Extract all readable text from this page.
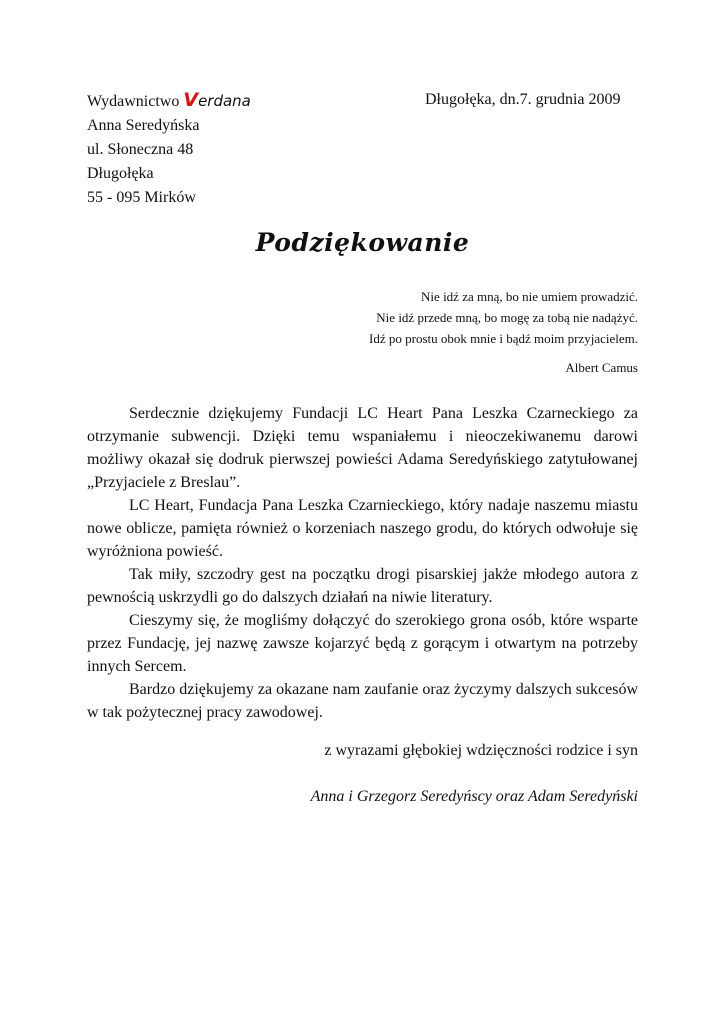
Wydawnictwo Verdana
Anna Seredyńska
ul. Słoneczna 48
Długołęka
55 - 095 Mirków
Długołęka, dn.7. grudnia 2009
Podziękowanie
Nie idź za mną, bo nie umiem prowadzić.
Nie idź przede mną, bo mogę za tobą nie nadążyć.
Idź po prostu obok mnie i bądź moim przyjacielem.
Albert Camus

Serdecznie dziękujemy Fundacji LC Heart Pana Leszka Czarneckiego za otrzymanie subwencji. Dzięki temu wspaniałemu i nieoczekiwanemu darowi możliwy okazał się dodruk pierwszej powieści Adama Seredyńskiego zatytułowanej „Przyjaciele z Breslau”.

LC Heart, Fundacja Pana Leszka Czarnieckiego, który nadaje naszemu miastu nowe oblicze, pamięta również o korzeniach naszego grodu, do których odwołuje się wyróżniona powieść.

Tak miły, szczodry gest na początku drogi pisarskiej jakże młodego autora z pewnością uskrzydli go do dalszych działań na niwie literatury.

Cieszymy się, że mogliśmy dołączyć do szerokiego grona osób, które wsparte przez Fundację, jej nazwę zawsze kojarzyć będą z gorącym i otwartym na potrzeby innych Sercem.

Bardzo dziękujemy za okazane nam zaufanie oraz życzymy dalszych sukcesów w tak pożytecznej pracy zawodowej.

z wyrazami głębokiej wdzięczności rodzice i syn
Anna i Grzegorz Seredyńscy oraz Adam Seredyński
